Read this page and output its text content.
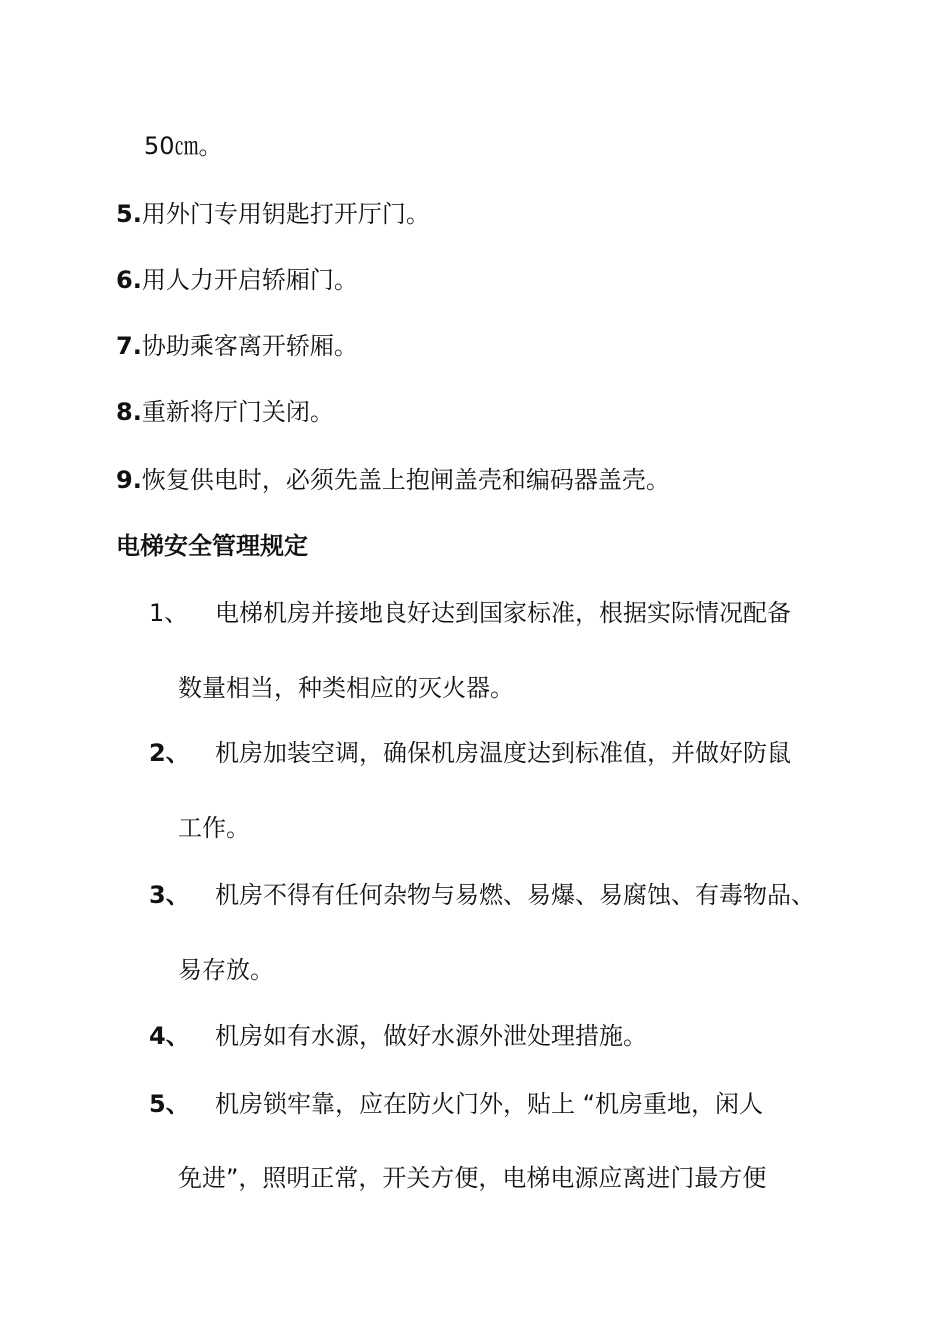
50㎝。
5.用外门专用钥匙打开厅门。
6.用人力开启轿厢门。
7.协助乘客离开轿厢。
8.重新将厅门关闭。
9.恢复供电时，必须先盖上抱闸盖壳和编码器盖壳。
电梯安全管理规定
1、 电梯机房并接地良好达到国家标准，根据实际情况配备
数量相当，种类相应的灭火器。
2、 机房加装空调，确保机房温度达到标准值，并做好防鼠
工作。
3、 机房不得有任何杂物与易燃、易爆、易腐蚀、有毒物品、
易存放。
4、 机房如有水源，做好水源外泄处理措施。
5、 机房锁牢靠，应在防火门外，贴上 “机房重地，闲人
免进”，照明正常，开关方便，电梯电源应离进门最方便
